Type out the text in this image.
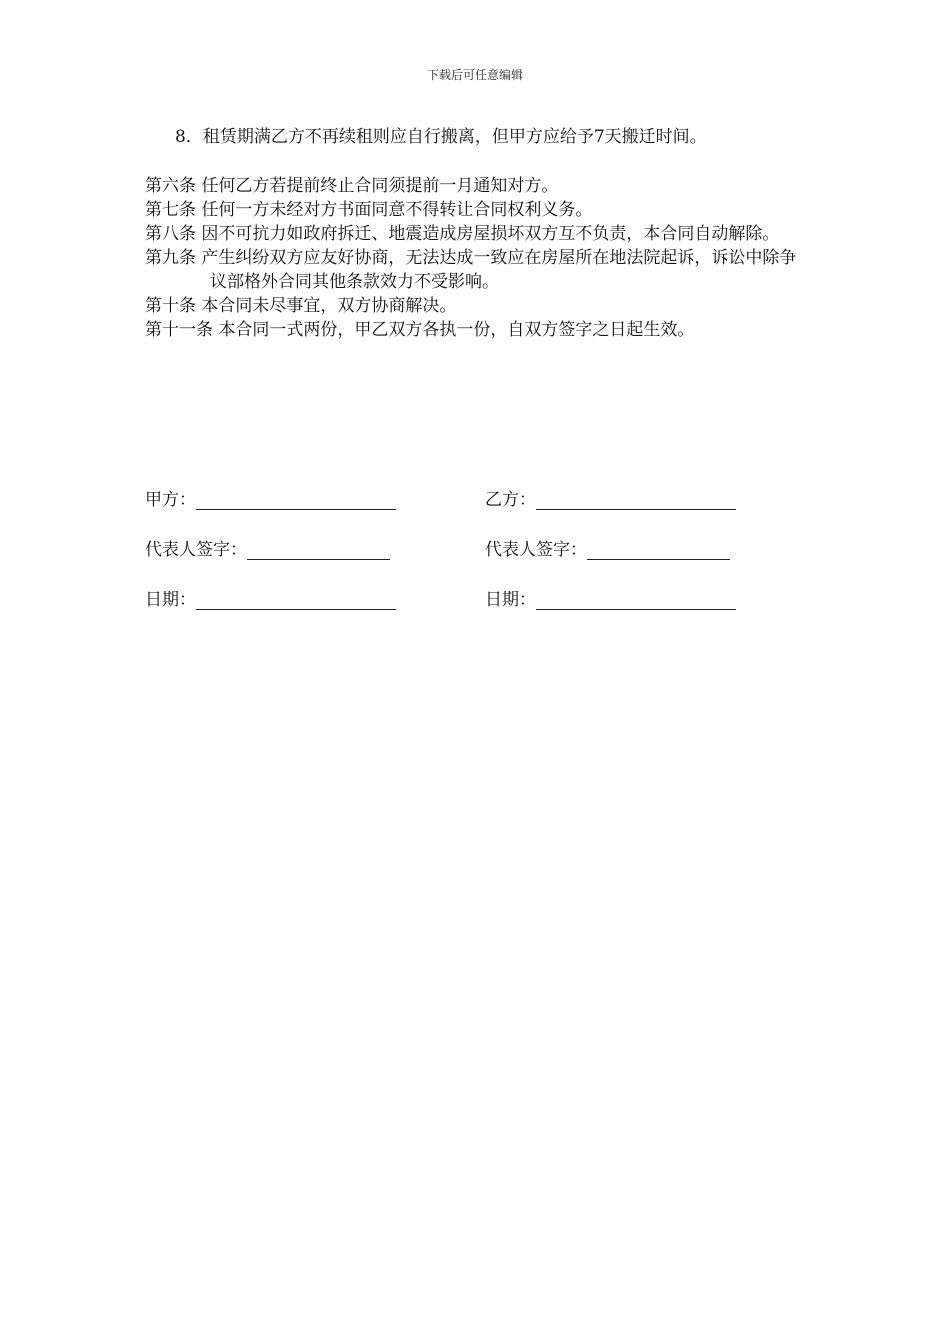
下载后可任意编辑
8．租赁期满乙方不再续租则应自行搬离，但甲方应给予7天搬迁时间。

第六条 任何乙方若提前终止合同须提前一月通知对方。

第七条 任何一方未经对方书面同意不得转让合同权利义务。

第八条 因不可抗力如政府拆迁、地震造成房屋损坏双方互不负责，本合同自动解除。

第九条 产生纠纷双方应友好协商，无法达成一致应在房屋所在地法院起诉，诉讼中除争议部格外合同其他条款效力不受影响。

第十条 本合同未尽事宜，双方协商解决。

第十一条 本合同一式两份，甲乙双方各执一份，自双方签字之日起生效。

甲方：	乙方：
代表人签字：	代表人签字：
日期：	日期：
